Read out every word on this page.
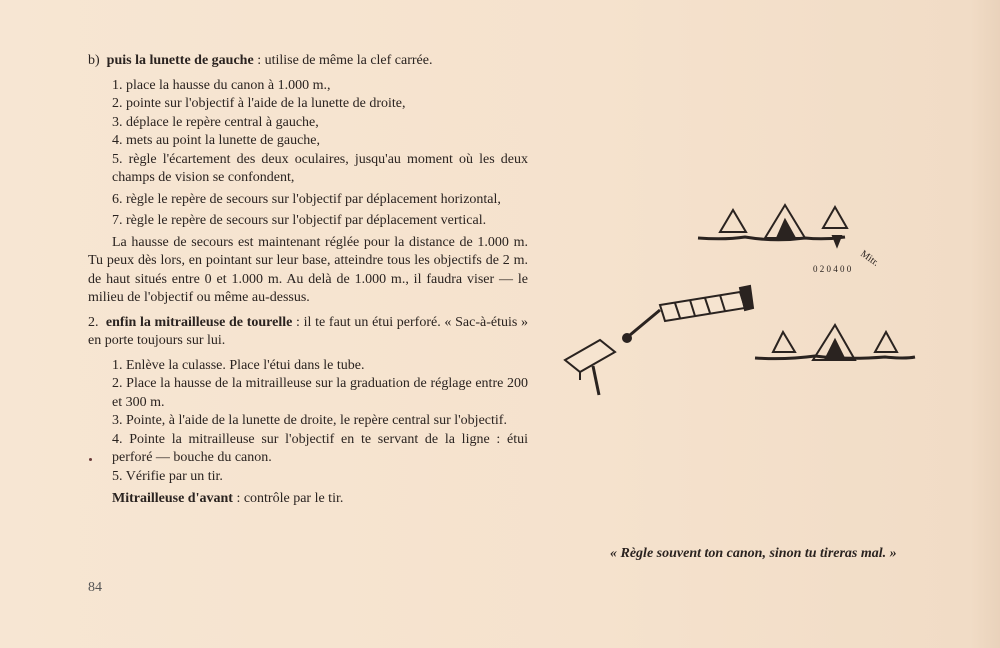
b) puis la lunette de gauche : utilise de même la clef carrée.

1. place la hausse du canon à 1.000 m.,

2. pointe sur l'objectif à l'aide de la lunette de droite,

3. déplace le repère central à gauche,

4. mets au point la lunette de gauche,

5. règle l'écartement des deux oculaires, jusqu'au moment où les deux champs de vision se confondent,

6. règle le repère de secours sur l'objectif par déplacement horizontal,

7. règle le repère de secours sur l'objectif par déplacement vertical.

La hausse de secours est maintenant réglée pour la distance de 1.000 m. Tu peux dès lors, en pointant sur leur base, atteindre tous les objectifs de 2 m. de haut situés entre 0 et 1.000 m. Au delà de 1.000 m., il faudra viser — le milieu de l'objectif ou même au-dessus.

2. enfin la mitrailleuse de tourelle : il te faut un étui perforé. « Sac-à-étuis » en porte toujours sur lui.

1. Enlève la culasse. Place l'étui dans le tube.

2. Place la hausse de la mitrailleuse sur la graduation de réglage entre 200 et 300 m.

3. Pointe, à l'aide de la lunette de droite, le repère central sur l'objectif.

4. Pointe la mitrailleuse sur l'objectif en te servant de la ligne : étui perforé — bouche du canon.

5. Vérifie par un tir.

Mitrailleuse d'avant : contrôle par le tir.

84
Mitr.
0 2 0 4 0 0
« Règle souvent ton canon, sinon tu tireras mal. »
